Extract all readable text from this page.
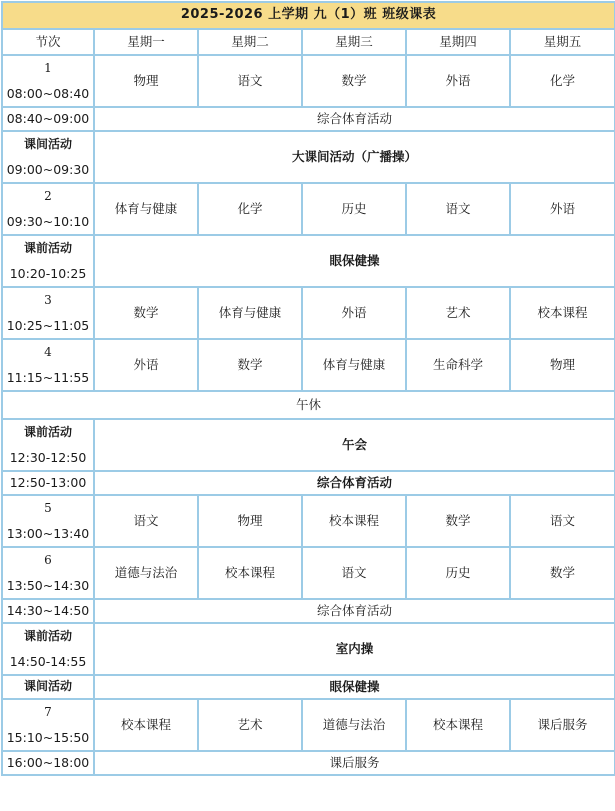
2025-2026 上学期 九（1）班 班级课表					
节次	星期一	星期二	星期三	星期四	星期五

1
08:00~08:40	物理	语文	数学	外语	化学
08:40~09:00	综合体育活动				

课间活动
09:00~09:30	大课间活动（广播操）				

2
09:30~10:10	体育与健康	化学	历史	语文	外语

课前活动
10:20-10:25	眼保健操				

3
10:25~11:05	数学	体育与健康	外语	艺术	校本课程

4
11:15~11:55	外语	数学	体育与健康	生命科学	物理
午休					

课前活动
12:30-12:50	午会				
12:50-13:00	综合体育活动				

5
13:00~13:40	语文	物理	校本课程	数学	语文

6
13:50~14:30	道德与法治	校本课程	语文	历史	数学
14:30~14:50	综合体育活动				

课前活动
14:50-14:55	室内操				
课间活动	眼保健操				

7
15:10~15:50	校本课程	艺术	道德与法治	校本课程	课后服务
16:00~18:00	课后服务				
